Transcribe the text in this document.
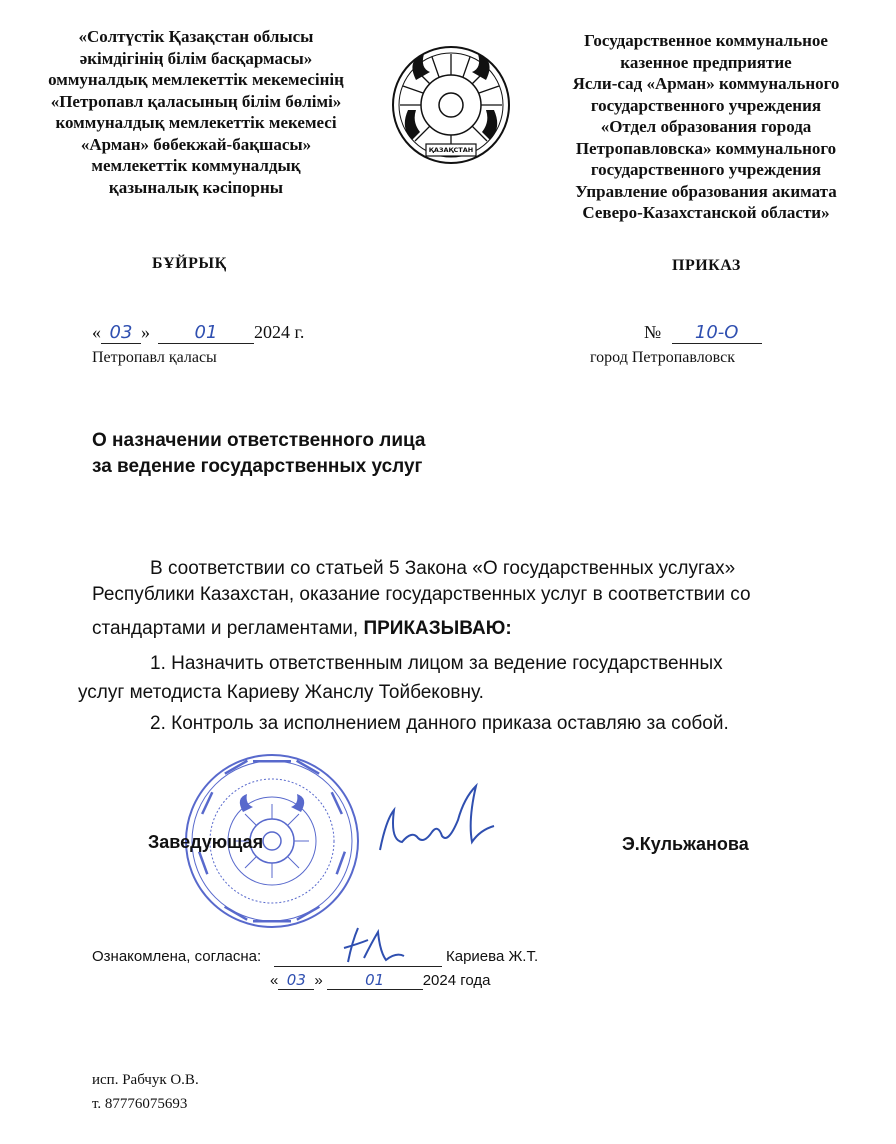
«Солтүстік Қазақстан облысы
әкімдігінің білім басқармасы»
оммуналдық мемлекеттік мекемесінің
«Петропавл қаласының білім бөлімі»
коммуналдық мемлекеттік мекемесі
«Арман» бөбекжай-бақшасы»
мемлекеттік коммуналдық
қазыналық кәсіпорны
ҚАЗАҚСТАН
Государственное коммунальное
казенное предприятие
Ясли-сад «Арман» коммунального
государственного учреждения
«Отдел образования города
Петропавловска» коммунального
государственного учреждения
Управление образования акимата
Северо-Казахстанской области»
БҰЙРЫҚ	ПРИКАЗ
« 03 » 01 2024 г.
Петропавл қаласы
№ 10-О
город Петропавловск
О назначении ответственного лица
за ведение государственных услуг
В соответствии со статьей 5 Закона «О государственных услугах»
Республики Казахстан, оказание государственных услуг в соответствии со
стандартами и регламентами, ПРИКАЗЫВАЮ:
1. Назначить ответственным лицом за ведение государственных
услуг методиста Кариеву Жанслу Тойбековну.
2. Контроль за исполнением данного приказа оставляю за собой.
Заведующая	Э.Кульжанова
Ознакомлена, согласна:	Кариева Ж.Т.
« 03 »	01	2024 года
исп. Рабчук О.В.
т. 87776075693
